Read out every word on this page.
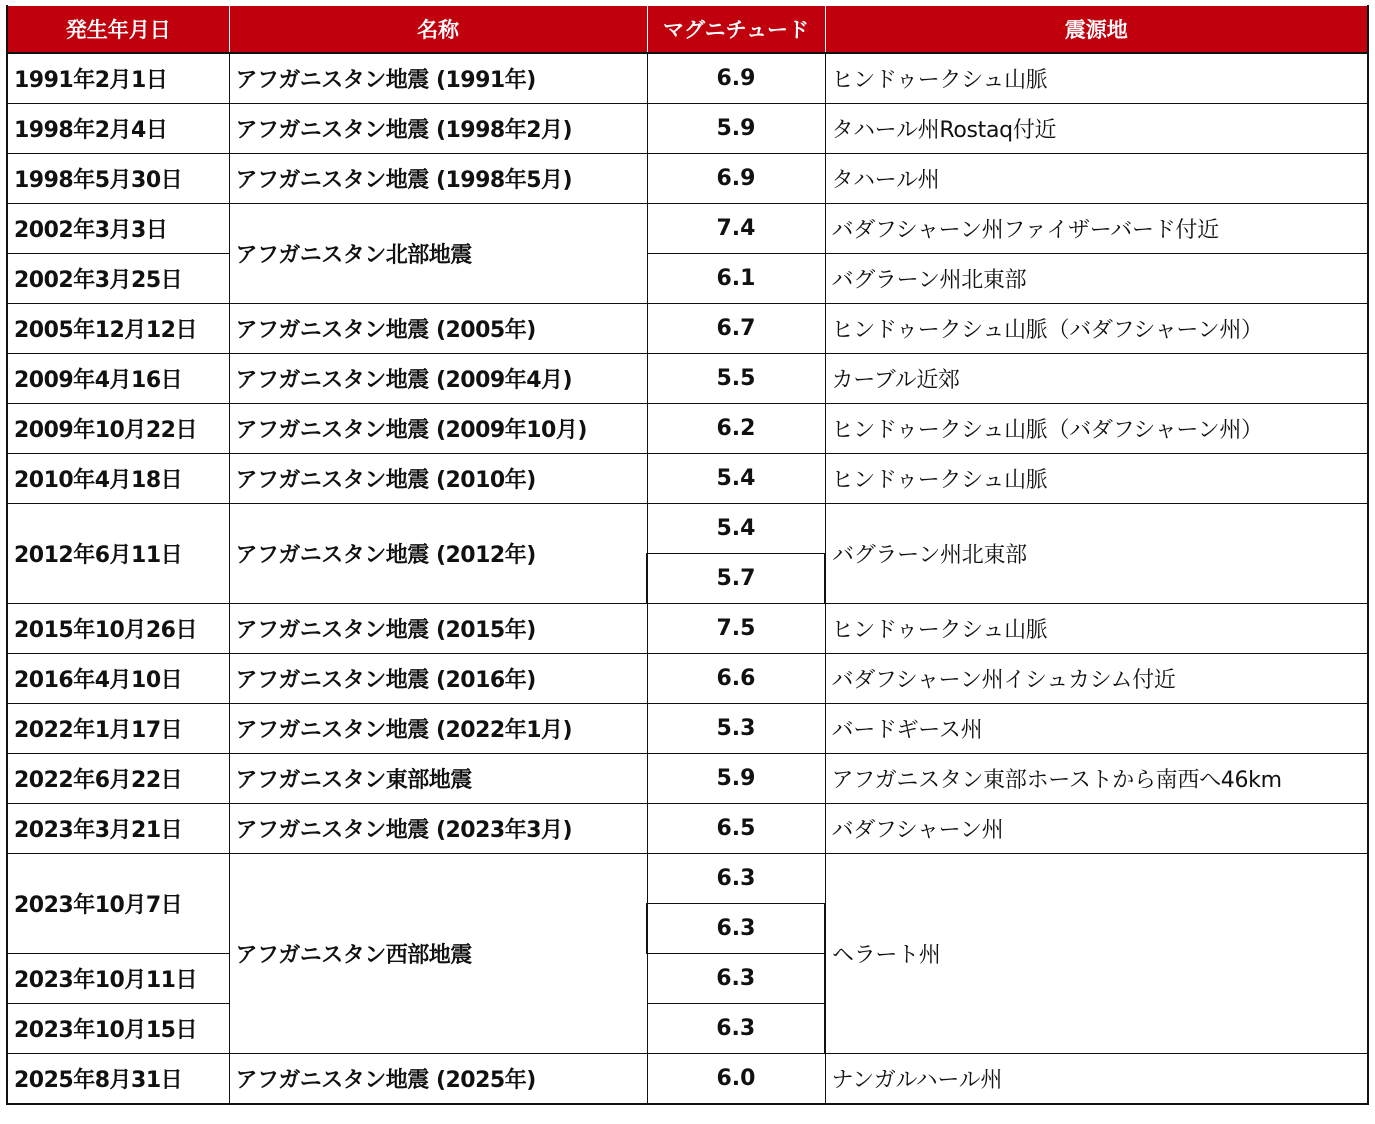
発生年月日	名称	マグニチュード	震源地
1991年2月1日	アフガニスタン地震 (1991年)	6.9	ヒンドゥークシュ山脈
1998年2月4日	アフガニスタン地震 (1998年2月)	5.9	タハール州Rostaq付近
1998年5月30日	アフガニスタン地震 (1998年5月)	6.9	タハール州
2002年3月3日	アフガニスタン北部地震	7.4	バダフシャーン州ファイザーバード付近
2002年3月25日		6.1	バグラーン州北東部
2005年12月12日	アフガニスタン地震 (2005年)	6.7	ヒンドゥークシュ山脈（バダフシャーン州）
2009年4月16日	アフガニスタン地震 (2009年4月)	5.5	カーブル近郊
2009年10月22日	アフガニスタン地震 (2009年10月)	6.2	ヒンドゥークシュ山脈（バダフシャーン州）
2010年4月18日	アフガニスタン地震 (2010年)	5.4	ヒンドゥークシュ山脈
2012年6月11日	アフガニスタン地震 (2012年)	5.4	バグラーン州北東部
		5.7	
2015年10月26日	アフガニスタン地震 (2015年)	7.5	ヒンドゥークシュ山脈
2016年4月10日	アフガニスタン地震 (2016年)	6.6	バダフシャーン州イシュカシム付近
2022年1月17日	アフガニスタン地震 (2022年1月)	5.3	バードギース州
2022年6月22日	アフガニスタン東部地震	5.9	アフガニスタン東部ホーストから南西へ46km
2023年3月21日	アフガニスタン地震 (2023年3月)	6.5	バダフシャーン州
2023年10月7日	アフガニスタン西部地震	6.3	ヘラート州
		6.3	
2023年10月11日		6.3	
2023年10月15日		6.3	
2025年8月31日	アフガニスタン地震 (2025年)	6.0	ナンガルハール州
